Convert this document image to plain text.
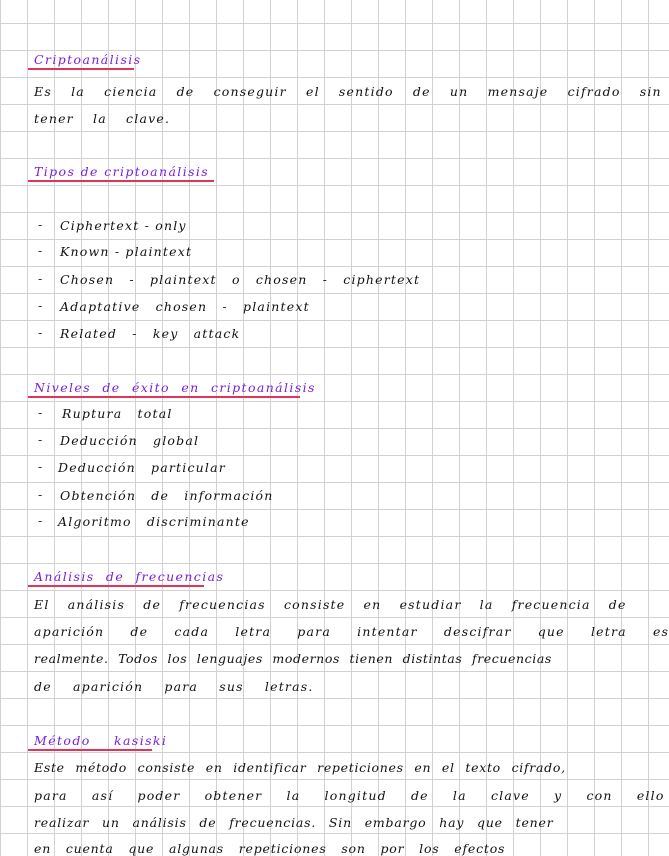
Criptoanálisis
Es la ciencia de conseguir el sentido de un mensaje cifrado sin
tener la clave.
Tipos de criptoanálisis
- Ciphertext - only
- Known - plaintext
- Chosen - plaintext o chosen - ciphertext
- Adaptative chosen - plaintext
- Related - key attack
Niveles de éxito en criptoanálisis
- Ruptura total
- Deducción global
- Deducción particular
- Obtención de información
- Algoritmo discriminante
Análisis de frecuencias
El análisis de frecuencias consiste en estudiar la frecuencia de
aparición de cada letra para intentar descifrar que letra es
realmente. Todos los lenguajes modernos tienen distintas frecuencias
de aparición para sus letras.
Método kasiski
Este método consiste en identificar repeticiones en el texto cifrado,
para así poder obtener la longitud de la clave y con ello
realizar un análisis de frecuencias. Sin embargo hay que tener
en cuenta que algunas repeticiones son por los efectos
